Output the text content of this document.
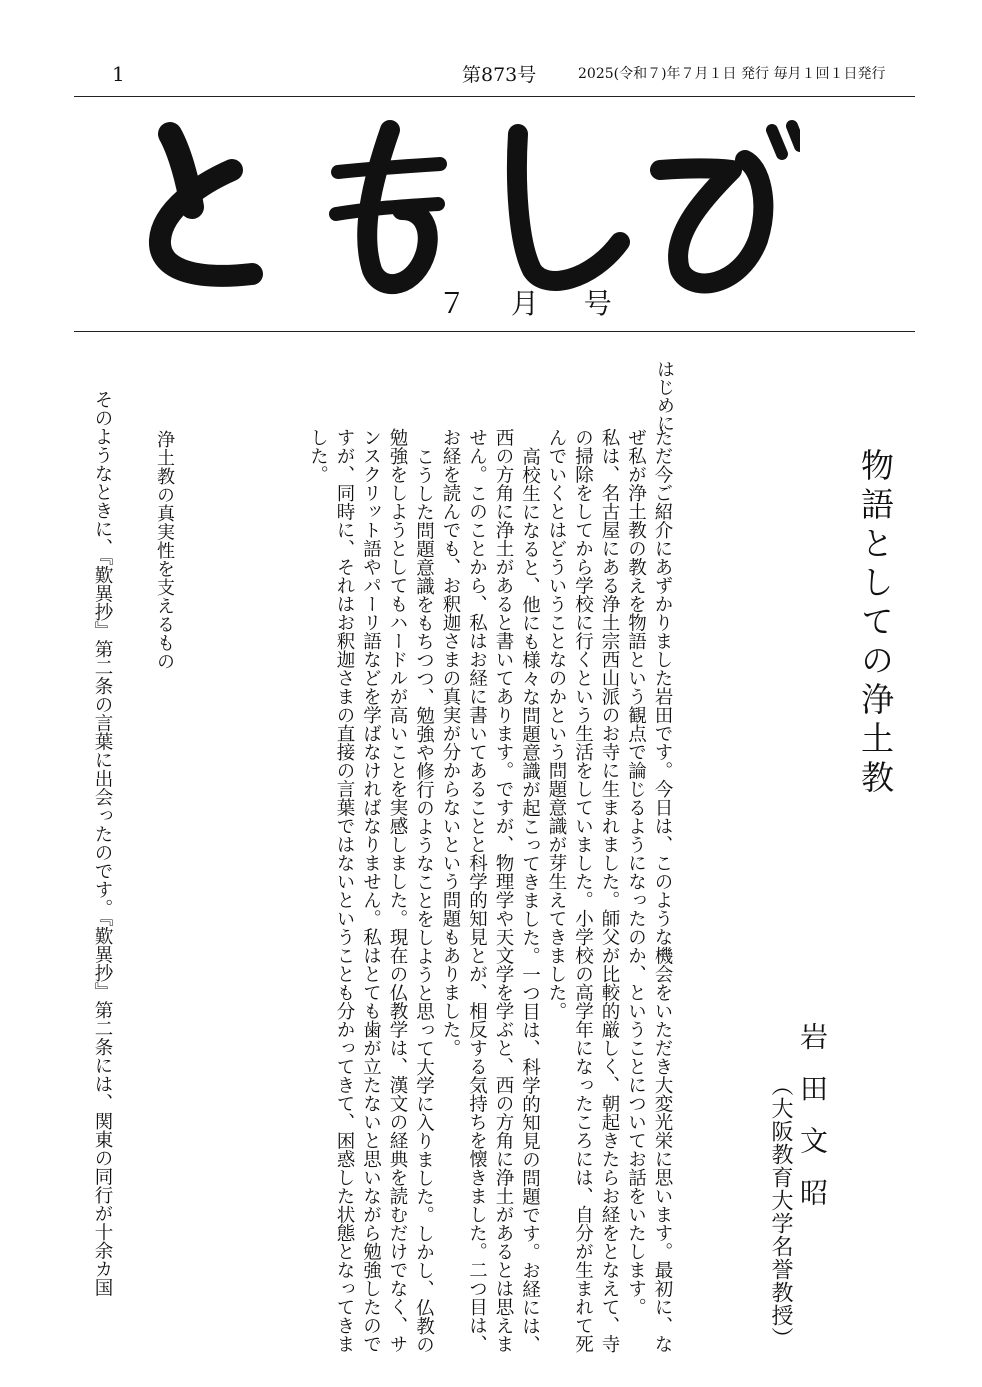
1	第873号	2025(令和７)年７月１日 発行 毎月１回１日発行
７ 月 号
物語としての浄土教
岩田文昭
（大阪教育大学名誉教授）
はじめに

ただ今ご紹介にあずかりました岩田です。今日は、このような機会をいただき大変光栄に思います。最初に、なぜ私が浄土教の教えを物語という観点で論じるようになったのか、ということについてお話をいたします。

私は、名古屋にある浄土宗西山派のお寺に生まれました。師父が比較的厳しく、朝起きたらお経をとなえて、寺の掃除をしてから学校に行くという生活をしていました。小学校の高学年になったころには、自分が生まれて死んでいくとはどういうことなのかという問題意識が芽生えてきました。

高校生になると、他にも様々な問題意識が起こってきました。一つ目は、科学的知見の問題です。お経には、西の方角に浄土があると書いてあります。ですが、物理学や天文学を学ぶと、西の方角に浄土があるとは思えません。このことから、私はお経に書いてあることと科学的知見とが、相反する気持ちを懐きました。二つ目は、お経を読んでも、お釈迦さまの真実が分からないという問題もありました。

こうした問題意識をもちつつ、勉強や修行のようなことをしようと思って大学に入りました。しかし、仏教の勉強をしようとしてもハードルが高いことを実感しました。現在の仏教学は、漢文の経典を読むだけでなく、サンスクリット語やパーリ語などを学ばなければなりません。私はとても歯が立たないと思いながら勉強したのですが、同時に、それはお釈迦さまの直接の言葉ではないということも分かってきて、困惑した状態となってきました。

浄土教の真実性を支えるもの

そのようなときに、『歎異抄』第二条の言葉に出会ったのです。『歎異抄』第二条には、関東の同行が十余カ国
